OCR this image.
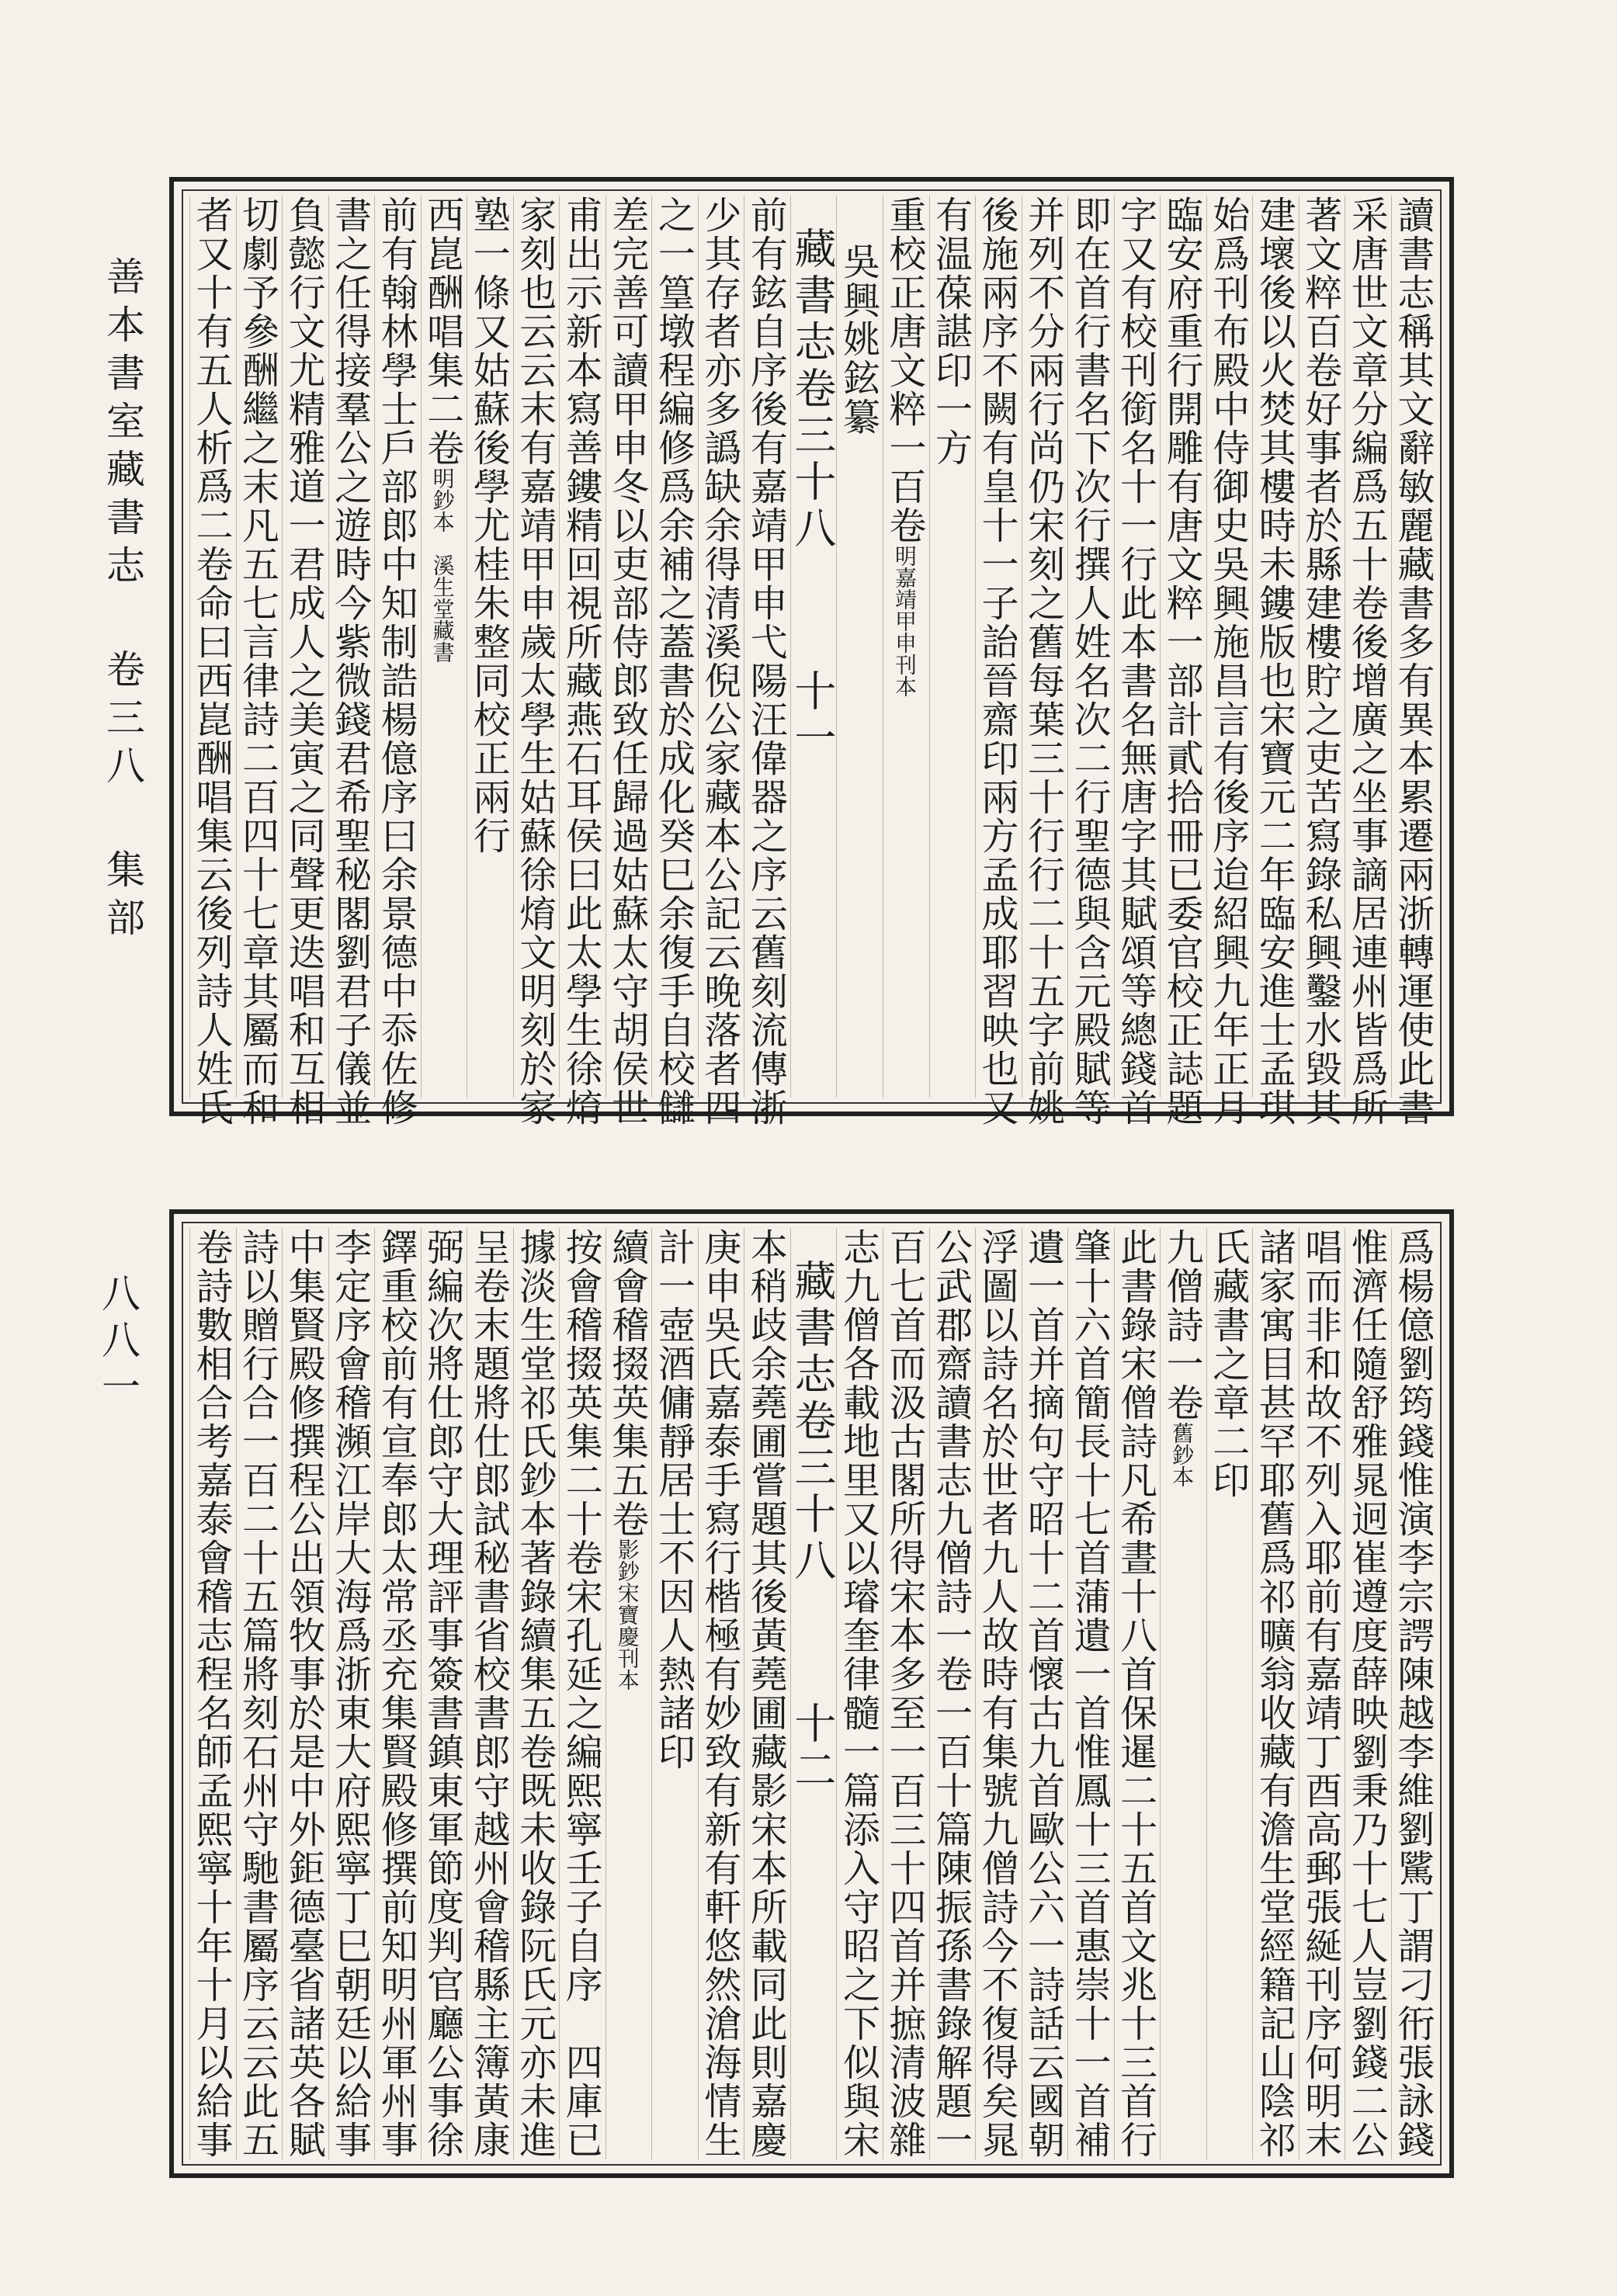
善本書室藏書志 卷三八 集部
八八一
讀書志稱其文辭敏麗藏書多有異本累遷兩浙轉運使此書
采唐世文章分編爲五十卷後增廣之坐事謫居連州皆爲所
著文粹百卷好事者於縣建樓貯之吏苦寫錄私興鑿水毀其
建壞後以火焚其樓時未鏤版也宋寶元二年臨安進士孟琪
始爲刊布殿中侍御史吳興施昌言有後序迨紹興九年正月
臨安府重行開雕有唐文粹一部計貳拾冊已委官校正誌題
字又有校刊銜名十一行此本書名無唐字其賦頌等總錢首
即在首行書名下次行撰人姓名次二行聖德與含元殿賦等
并列不分兩行尚仍宋刻之舊每葉三十行行二十五字前姚
後施兩序不闕有皇十一子詒晉齋印兩方孟成耶習映也又
有温葆諶印一方
重校正唐文粹一百卷明嘉靖甲申刊本
吳興姚鉉纂
藏書志卷三十八十一
前有鉉自序後有嘉靖甲申弋陽汪偉器之序云舊刻流傳浙
少其存者亦多譌缺余得清溪倪公家藏本公記云晚落者四
之一篁墩程編修爲余補之蓋書於成化癸巳余復手自校讎
差完善可讀甲申冬以吏部侍郎致任歸過姑蘇太守胡侯世
甫出示新本寫善鏤精回視所藏燕石耳侯曰此太學生徐焴
家刻也云云末有嘉靖甲申歲太學生姑蘇徐焴文明刻於家
塾一條又姑蘇後學尤桂朱整同校正兩行
西崑酬唱集二卷明鈔本　溪生堂藏書
前有翰林學士戶部郎中知制誥楊億序曰余景德中忝佐修
書之任得接羣公之遊時今紫微錢君希聖秘閣劉君子儀並
負懿行文尤精雅道一君成人之美寅之同聲更迭唱和互相
切劇予參酬繼之末凡五七言律詩二百四十七章其屬而和
者又十有五人析爲二卷命曰西崑酬唱集云後列詩人姓氏
爲楊億劉筠錢惟演李宗諤陳越李維劉騭丁謂刁衎張詠錢
惟濟任隨舒雅晁迥崔遵度薛映劉秉乃十七人豈劉錢二公
唱而非和故不列入耶前有嘉靖丁酉高郵張綖刊序何明末
諸家寓目甚罕耶舊爲祁曠翁收藏有澹生堂經籍記山陰祁
氏藏書之章二印
九僧詩一卷舊鈔本
此書錄宋僧詩凡希晝十八首保暹二十五首文兆十三首行
肇十六首簡長十七首蒲遺一首惟鳳十三首惠崇十一首補
遺一首并摘句守昭十二首懷古九首歐公六一詩話云國朝
浮圖以詩名於世者九人故時有集號九僧詩今不復得矣晁
公武郡齋讀書志九僧詩一卷一百十篇陳振孫書錄解題一
百七首而汲古閣所得宋本多至一百三十四首并摭清波雜
志九僧各載地里又以璿奎律髓一篇添入守昭之下似與宋
藏書志卷三十八十二
本稍歧余蕘圃嘗題其後黃蕘圃藏影宋本所載同此則嘉慶
庚申吳氏嘉泰手寫行楷極有妙致有新有軒悠然滄海情生
計一壺酒傭靜居士不因人熱諸印
續會稽掇英集五卷影鈔宋寶慶刊本
按會稽掇英集二十卷宋孔延之編熙寧壬子自序　四庫已
據淡生堂祁氏鈔本著錄續集五卷既未收錄阮氏元亦未進
呈卷末題將仕郎試秘書省校書郎守越州會稽縣主簿黃康
弼編次將仕郎守大理評事簽書鎮東軍節度判官廳公事徐
鐸重校前有宣奉郎太常丞充集賢殿修撰前知明州軍州事
李定序會稽瀕江岸大海爲浙東大府熙寧丁巳朝廷以給事
中集賢殿修撰程公出領牧事於是中外鉅德臺省諸英各賦
詩以贈行合一百二十五篇將刻石州守馳書屬序云云此五
卷詩數相合考嘉泰會稽志程名師孟熙寧十年十月以給事
